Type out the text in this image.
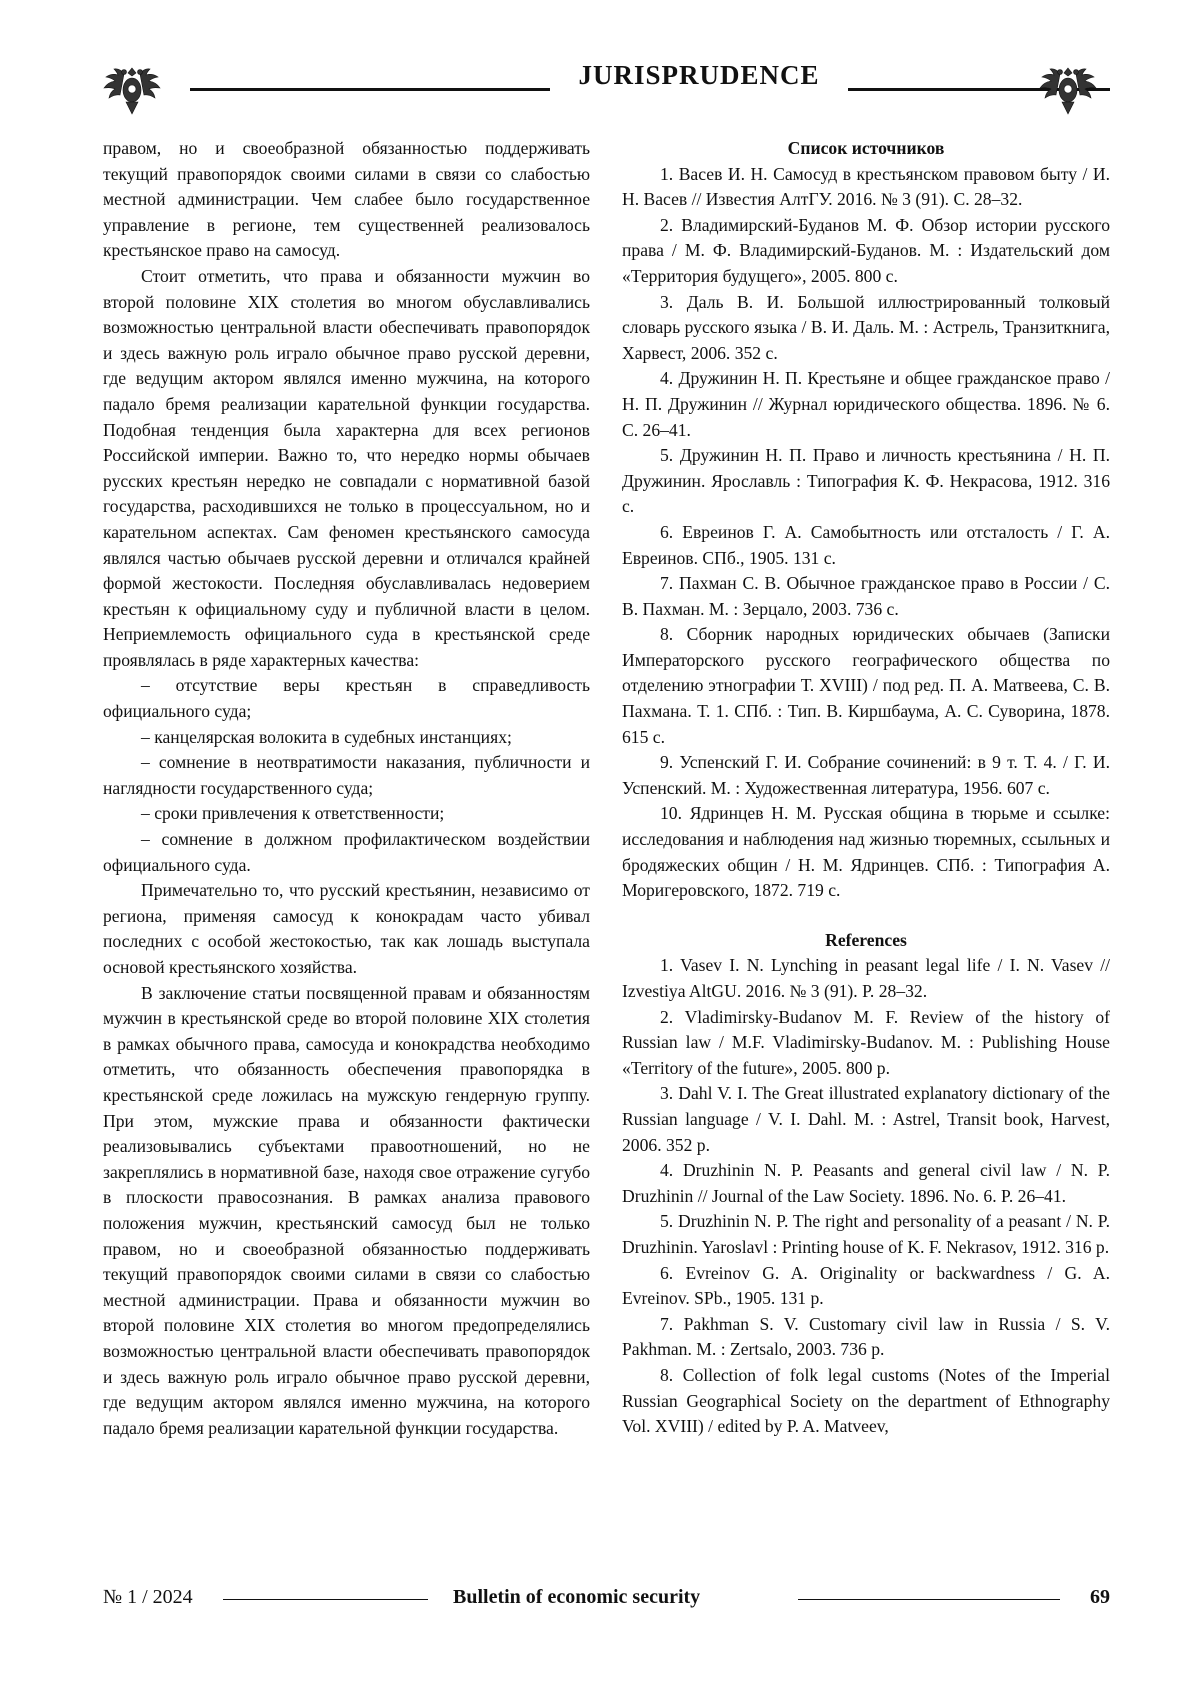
JURISPRUDENCE

правом, но и своеобразной обязанностью поддерживать текущий правопорядок своими силами в связи со слабостью местной администрации. Чем слабее было государственное управление в регионе, тем существенней реализовалось крестьянское право на самосуд.

Стоит отметить, что права и обязанности мужчин во второй половине XIX столетия во многом обуславливались возможностью центральной власти обеспечивать правопорядок и здесь важную роль играло обычное право русской деревни, где ведущим актором являлся именно мужчина, на которого падало бремя реализации карательной функции государства. Подобная тенденция была характерна для всех регионов Российской империи. Важно то, что нередко нормы обычаев русских крестьян нередко не совпадали с нормативной базой государства, расходившихся не только в процессуальном, но и карательном аспектах. Сам феномен крестьянского самосуда являлся частью обычаев русской деревни и отличался крайней формой жестокости. Последняя обуславливалась недоверием крестьян к официальному суду и публичной власти в целом. Неприемлемость официального суда в крестьянской среде проявлялась в ряде характерных качества:

– отсутствие веры крестьян в справедливость официального суда;

– канцелярская волокита в судебных инстанциях;

– сомнение в неотвратимости наказания, публичности и наглядности государственного суда;

– сроки привлечения к ответственности;

– сомнение в должном профилактическом воздействии официального суда.

Примечательно то, что русский крестьянин, независимо от региона, применяя самосуд к конокрадам часто убивал последних с особой жестокостью, так как лошадь выступала основой крестьянского хозяйства.

В заключение статьи посвященной правам и обязанностям мужчин в крестьянской среде во второй половине XIX столетия в рамках обычного права, самосуда и конокрадства необходимо отметить, что обязанность обеспечения правопорядка в крестьянской среде ложилась на мужскую гендерную группу. При этом, мужские права и обязанности фактически реализовывались субъектами правоотношений, но не закреплялись в нормативной базе, находя свое отражение сугубо в плоскости правосознания. В рамках анализа правового положения мужчин, крестьянский самосуд был не только правом, но и своеобразной обязанностью поддерживать текущий правопорядок своими силами в связи со слабостью местной администрации. Права и обязанности мужчин во второй половине XIX столетия во многом предопределялись возможностью центральной власти обеспечивать правопорядок и здесь важную роль играло обычное право русской деревни, где ведущим актором являлся именно мужчина, на которого падало бремя реализации карательной функции государства.

Список источников

1. Васев И. Н. Самосуд в крестьянском правовом быту / И. Н. Васев // Известия АлтГУ. 2016. № 3 (91). С. 28–32.

2. Владимирский-Буданов М. Ф. Обзор истории русского права / М. Ф. Владимирский-Буданов. М. : Издательский дом «Территория будущего», 2005. 800 с.

3. Даль В. И. Большой иллюстрированный толковый словарь русского языка / В. И. Даль. М. : Астрель, Транзиткнига, Харвест, 2006. 352 с.

4. Дружинин Н. П. Крестьяне и общее гражданское право / Н. П. Дружинин // Журнал юридического общества. 1896. № 6. С. 26–41.

5. Дружинин Н. П. Право и личность крестьянина / Н. П. Дружинин. Ярославль : Типография К. Ф. Некрасова, 1912. 316 с.

6. Евреинов Г. А. Самобытность или отсталость / Г. А. Евреинов. СПб., 1905. 131 с.

7. Пахман С. В. Обычное гражданское право в России / С. В. Пахман. М. : Зерцало, 2003. 736 с.

8. Сборник народных юридических обычаев (Записки Императорского русского географического общества по отделению этнографии Т. XVIII) / под ред. П. А. Матвеева, С. В. Пахмана. Т. 1. СПб. : Тип. В. Киршбаума, А. С. Суворина, 1878. 615 с.

9. Успенский Г. И. Собрание сочинений: в 9 т. Т. 4. / Г. И. Успенский. М. : Художественная литература, 1956. 607 с.

10. Ядринцев Н. М. Русская община в тюрьме и ссылке: исследования и наблюдения над жизнью тюремных, ссыльных и бродяжеских общин / Н. М. Ядринцев. СПб. : Типография А. Моригеровского, 1872. 719 с.

References

1. Vasev I. N. Lynching in peasant legal life / I. N. Vasev // Izvestiya AltGU. 2016. № 3 (91). P. 28–32.

2. Vladimirsky-Budanov M. F. Review of the history of Russian law / M.F. Vladimirsky-Budanov. M. : Publishing House «Territory of the future», 2005. 800 p.

3. Dahl V. I. The Great illustrated explanatory dictionary of the Russian language / V. I. Dahl. M. : Astrel, Transit book, Harvest, 2006. 352 p.

4. Druzhinin N. P. Peasants and general civil law / N. P. Druzhinin // Journal of the Law Society. 1896. No. 6. P. 26–41.

5. Druzhinin N. P. The right and personality of a peasant / N. P. Druzhinin. Yaroslavl : Printing house of K. F. Nekrasov, 1912. 316 p.

6. Evreinov G. A. Originality or backwardness / G. A. Evreinov. SPb., 1905. 131 p.

7. Pakhman S. V. Customary civil law in Russia / S. V. Pakhman. M. : Zertsalo, 2003. 736 p.

8. Collection of folk legal customs (Notes of the Imperial Russian Geographical Society on the department of Ethnography Vol. XVIII) / edited by P. A. Matveev,

№ 1 / 2024	Bulletin of economic security	69
